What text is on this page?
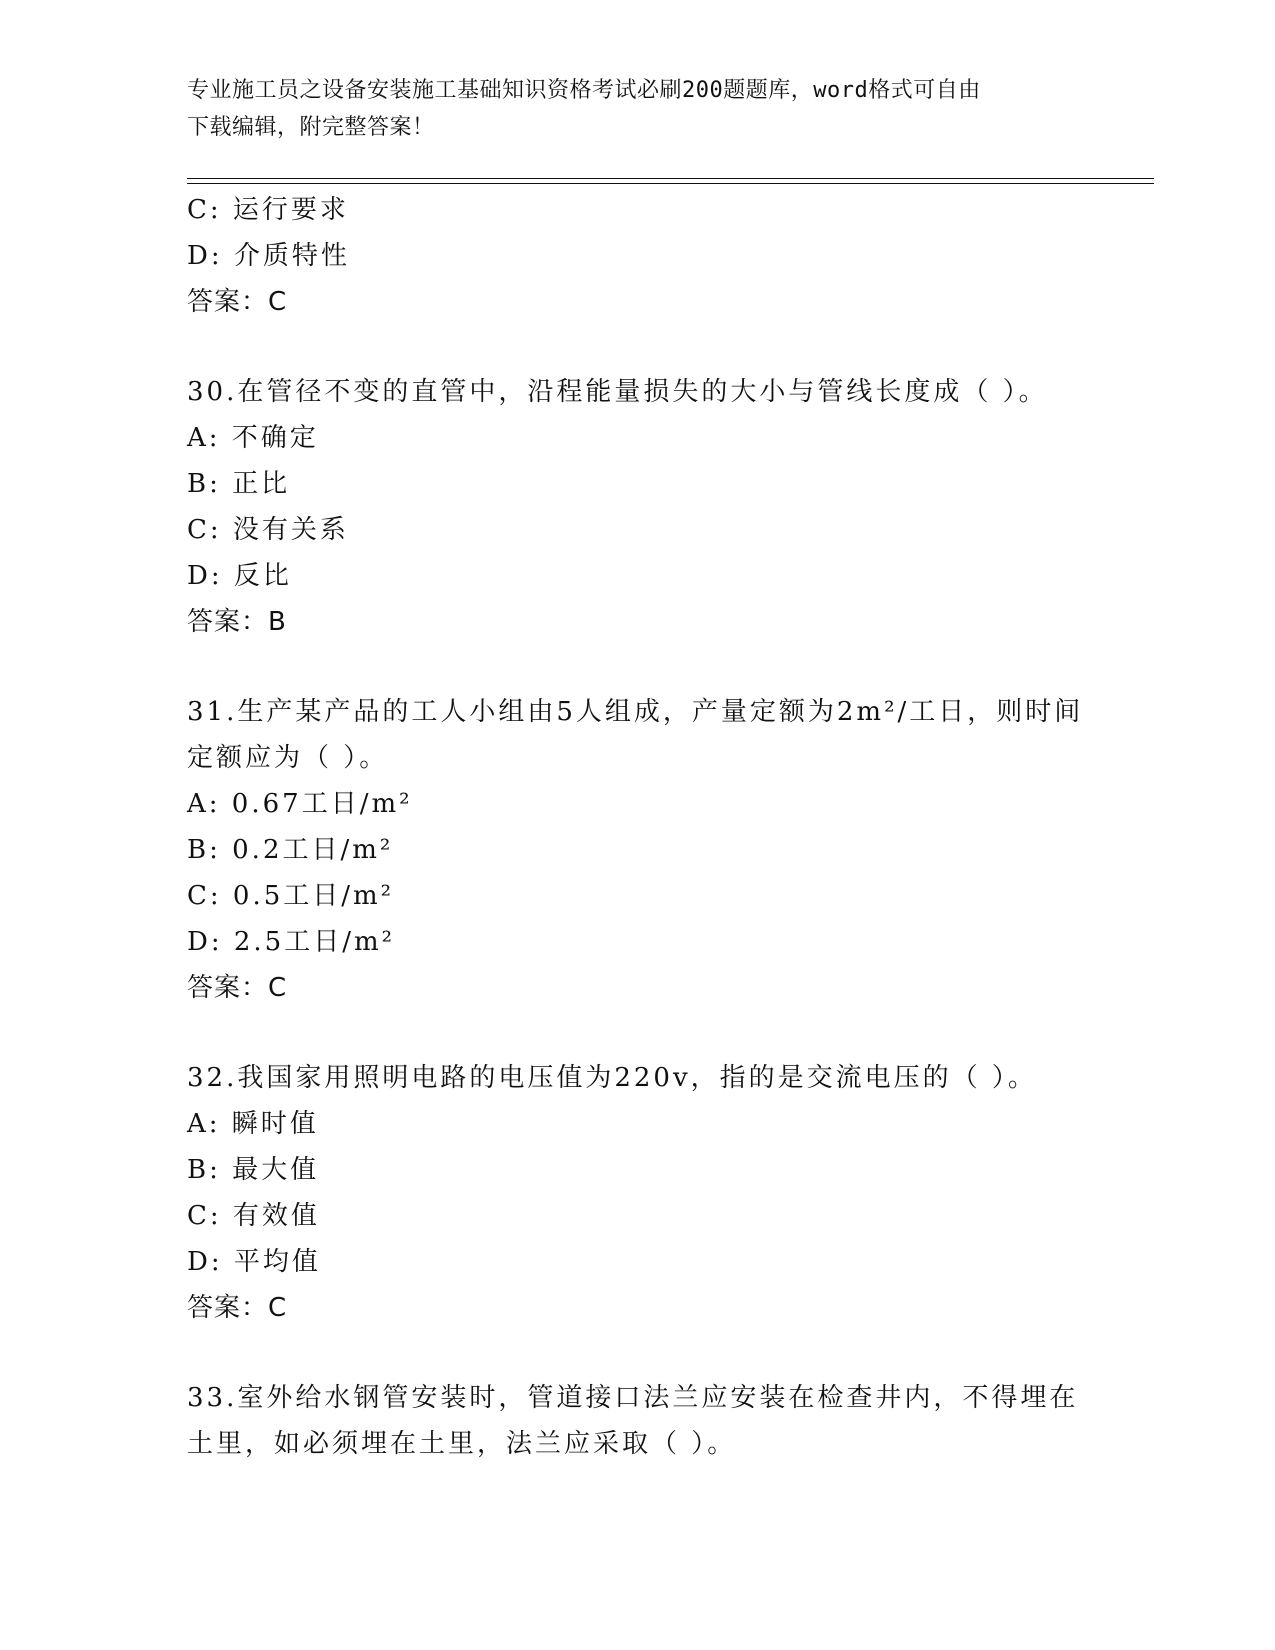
专业施工员之设备安装施工基础知识资格考试必刷200题题库，word格式可自由
下载编辑，附完整答案！
C: 运行要求
D: 介质特性
答案：C
30.在管径不变的直管中，沿程能量损失的大小与管线长度成（ ）。
A: 不确定
B: 正比
C: 没有关系
D: 反比
答案：B
31.生产某产品的工人小组由5人组成，产量定额为2m²/工日，则时间
定额应为（ ）。
A: 0.67工日/m²
B: 0.2工日/m²
C: 0.5工日/m²
D: 2.5工日/m²
答案：C
32.我国家用照明电路的电压值为220v，指的是交流电压的（ ）。
A: 瞬时值
B: 最大值
C: 有效值
D: 平均值
答案：C
33.室外给水钢管安装时，管道接口法兰应安装在检查井内，不得埋在
土里，如必须埋在土里，法兰应采取（ ）。
